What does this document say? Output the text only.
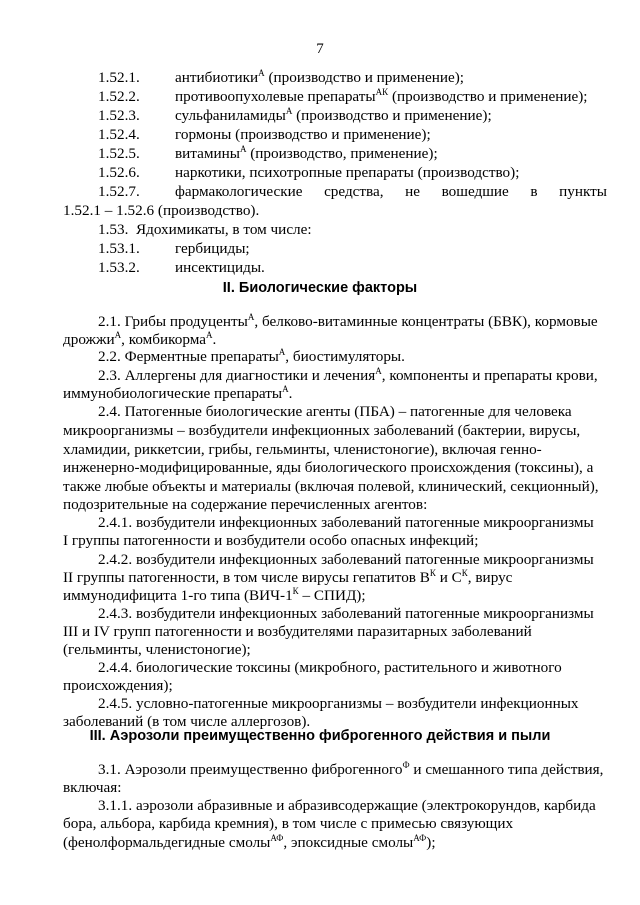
7
1.52.1. антибиотики$^А$ (производство и применение);
1.52.2. противоопухолевые препараты$^{АК}$ (производство и применение);
1.52.3. сульфаниламиды$^А$ (производство и применение);
1.52.4. гормоны (производство и применение);
1.52.5. витамины$^А$ (производство, применение);
1.52.6. наркотики, психотропные препараты (производство);
1.52.7. фармакологические средства, не вошедшие в пункты
1.52.1 – 1.52.6 (производство).
1.53. Ядохимикаты, в том числе:
1.53.1. гербициды;
1.53.2. инсектициды.
II. Биологические факторы
2.1. Грибы продуценты$^А$, белково-витаминные концентраты (БВК), кормовые
дрожжи$^А$, комбикорма$^А$.
2.2. Ферментные препараты$^А$, биостимуляторы.
2.3. Аллергены для диагностики и лечения$^А$, компоненты и препараты крови,
иммунобиологические препараты$^А$.
2.4. Патогенные биологические агенты (ПБА) – патогенные для человека
микроорганизмы – возбудители инфекционных заболеваний (бактерии, вирусы,
хламидии, риккетсии, грибы, гельминты, членистоногие), включая генно-
инженерно-модифицированные, яды биологического происхождения (токсины), а
также любые объекты и материалы (включая полевой, клинический, секционный),
подозрительные на содержание перечисленных агентов:
2.4.1. возбудители инфекционных заболеваний патогенные микроорганизмы
I группы патогенности и возбудители особо опасных инфекций;
2.4.2. возбудители инфекционных заболеваний патогенные микроорганизмы
II группы патогенности, в том числе вирусы гепатитов $В^К$ и $С^К$, вирус
иммунодифицита 1-го типа ($ВИЧ-1^К$ – СПИД);
2.4.3. возбудители инфекционных заболеваний патогенные микроорганизмы
III и IV групп патогенности и возбудителями паразитарных заболеваний
(гельминты, членистоногие);
2.4.4. биологические токсины (микробного, растительного и животного
происхождения);
2.4.5. условно-патогенные микроорганизмы – возбудители инфекционных
заболеваний (в том числе аллергозов).
III. Аэрозоли преимущественно фиброгенного действия и пыли
3.1. Аэрозоли преимущественно фиброгенного$^Ф$ и смешанного типа действия,
включая:
3.1.1. аэрозоли абразивные и абразивсодержащие (электрокорундов, карбида
бора, альбора, карбида кремния), в том числе с примесью связующих
(фенолформальдегидные смолы$^{АФ}$, эпоксидные смолы$^{АФ}$);
